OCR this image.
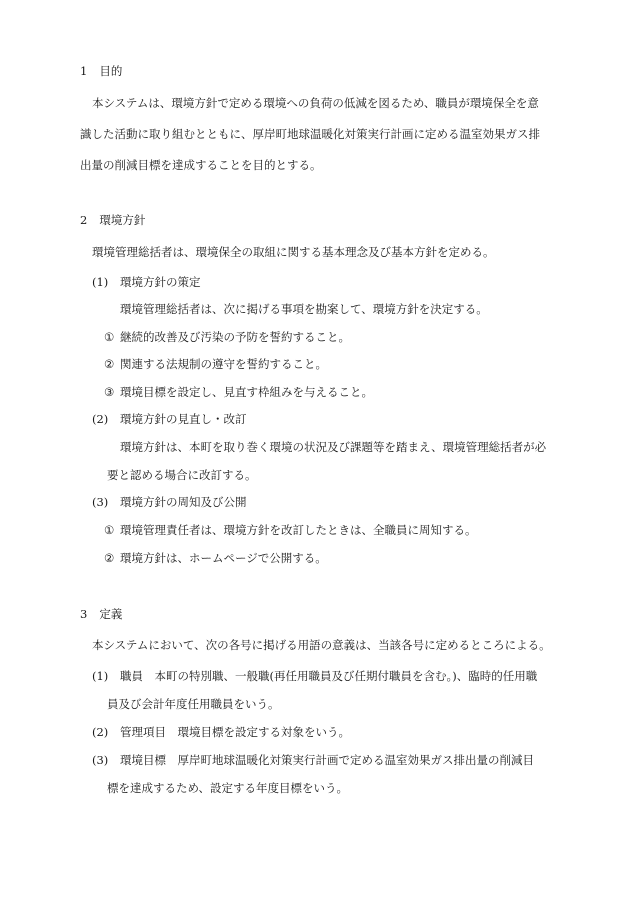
1 目的
本システムは、環境方針で定める環境への負荷の低減を図るため、職員が環境保全を意
識した活動に取り組むとともに、厚岸町地球温暖化対策実行計画に定める温室効果ガス排
出量の削減目標を達成することを目的とする。
2 環境方針
環境管理総括者は、環境保全の取組に関する基本理念及び基本方針を定める。
(1) 環境方針の策定
環境管理総括者は、次に掲げる事項を勘案して、環境方針を決定する。
① 継続的改善及び汚染の予防を誓約すること。
② 関連する法規制の遵守を誓約すること。
③ 環境目標を設定し、見直す枠組みを与えること。
(2) 環境方針の見直し・改訂
環境方針は、本町を取り巻く環境の状況及び課題等を踏まえ、環境管理総括者が必
要と認める場合に改訂する。
(3) 環境方針の周知及び公開
① 環境管理責任者は、環境方針を改訂したときは、全職員に周知する。
② 環境方針は、ホームページで公開する。
3 定義
本システムにおいて、次の各号に掲げる用語の意義は、当該各号に定めるところによる。
(1) 職員　本町の特別職、一般職(再任用職員及び任期付職員を含む。)、臨時的任用職
員及び会計年度任用職員をいう。
(2) 管理項目　環境目標を設定する対象をいう。
(3) 環境目標　厚岸町地球温暖化対策実行計画で定める温室効果ガス排出量の削減目
標を達成するため、設定する年度目標をいう。
